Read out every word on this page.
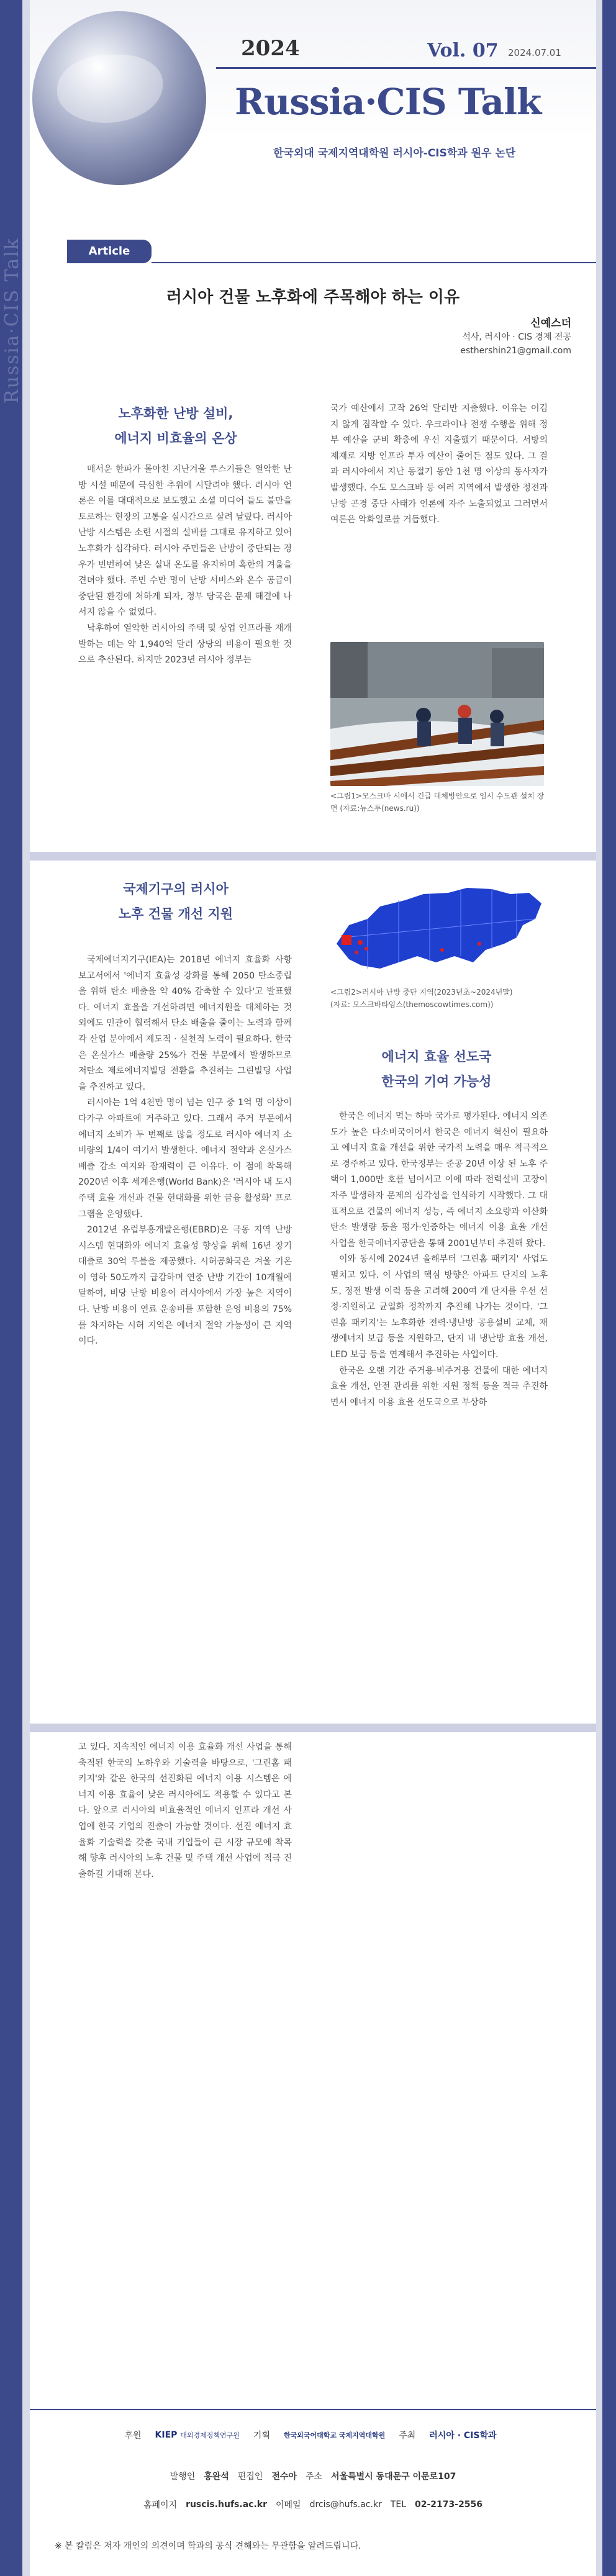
Russia·CIS Talk
2024	Vol. 07 2024.07.01
Russia·CIS Talk
한국외대 국제지역대학원 러시아-CIS학과 원우 논단
Article
러시아 건물 노후화에 주목해야 하는 이유
신예스더
석사, 러시아 · CIS 경제 전공
esthershin21@gmail.com
노후화한 난방 설비,
에너지 비효율의 온상

매서운 한파가 몰아친 지난겨울 루스기들은 열악한 난방 시설 때문에 극심한 추위에 시달려야 했다. 러시아 언론은 이를 대대적으로 보도했고 소셜 미디어 들도 불만을 토로하는 현장의 고통을 실시간으로 살려 날랐다. 러시아 난방 시스템은 소련 시절의 설비를 그대로 유지하고 있어 노후화가 심각하다. 러시아 주민들은 난방이 중단되는 경우가 빈번하여 낮은 실내 온도를 유지하며 혹한의 겨울을 견뎌야 했다. 주민 수만 명이 난방 서비스와 온수 공급이 중단된 환경에 처하게 되자, 정부 당국은 문제 해결에 나서지 않을 수 없었다.

낙후하여 열악한 러시아의 주택 및 상업 인프라를 재개발하는 데는 약 1,940억 달러 상당의 비용이 필요한 것으로 추산된다. 하지만 2023년 러시아 정부는

국가 예산에서 고작 26억 달러만 지출했다. 이유는 어김지 않게 짐작할 수 있다. 우크라이나 전쟁 수행을 위해 정부 예산을 군비 확충에 우선 지출했기 때문이다. 서방의 제재로 지방 인프라 투자 예산이 줄어든 점도 있다. 그 결과 러시아에서 지난 동절기 동안 1천 명 이상의 동사자가 발생했다. 수도 모스크바 등 여러 지역에서 발생한 정전과 난방 곤경 중단 사태가 언론에 자주 노출되었고 그러면서 여론은 악화일로를 거듭했다.

<그림1>모스크바 시에서 긴급 대체방안으로 임시 수도관 설치 장면 (자료:뉴스투(news.ru))
국제기구의 러시아
노후 건물 개선 지원

국제에너지기구(IEA)는 2018년 에너지 효율화 사항 보고서에서 '에너지 효율성 강화를 통해 2050 탄소중립을 위해 탄소 배출을 약 40% 감축할 수 있다'고 발표했다. 에너지 효율을 개선하려면 에너지원을 대체하는 것 외에도 민관이 협력해서 탄소 배출을 줄이는 노력과 함께 각 산업 분야에서 제도적 · 실천적 노력이 필요하다. 한국은 온실가스 배출량 25%가 건물 부문에서 발생하므로 저탄소 제로에너지빌딩 전환을 추진하는 그린빌딩 사업을 추진하고 있다.

러시아는 1억 4천만 명이 넘는 인구 중 1억 명 이상이 다가구 아파트에 거주하고 있다. 그래서 주거 부문에서 에너지 소비가 두 번째로 많을 정도로 러시아 에너지 소비량의 1/4이 여기서 발생한다. 에너지 절약과 온실가스 배출 감소 여지와 잠재력이 큰 이유다. 이 점에 착목해 2020년 이후 세계은행(World Bank)은 '러시아 내 도시 주택 효율 개선과 건물 현대화를 위한 금융 활성화' 프로그램을 운영했다.

2012년 유럽부흥개발은행(EBRD)은 극동 지역 난방 시스템 현대화와 에너지 효율성 향상을 위해 16년 장기대출로 30억 루블을 제공했다. 시허공화국은 겨울 기온이 영하 50도까지 급감하며 연중 난방 기간이 10개월에 달하여, 비당 난방 비용이 러시아에서 가장 높은 지역이다. 난방 비용이 연료 운송비를 포함한 운영 비용의 75%를 차지하는 시허 지역은 에너지 절약 가능성이 큰 지역이다.

<그림2>러시아 난방 중단 지역(2023년초~2024년말)
(자료: 모스크바타임스(themoscowtimes.com))
에너지 효율 선도국
한국의 기여 가능성

한국은 에너지 먹는 하마 국가로 평가된다. 에너지 의존도가 높은 다소비국이어서 한국은 에너지 혁신이 필요하고 에너지 효율 개선을 위한 국가적 노력을 매우 적극적으로 경주하고 있다. 한국정부는 준공 20년 이상 된 노후 주택이 1,000만 호를 넘어서고 이에 따라 전력설비 고장이 자주 발생하자 문제의 심각성을 인식하기 시작했다. 그 대표적으로 건물의 에너지 성능, 즉 에너지 소요량과 이산화탄소 발생량 등을 평가·인증하는 에너지 이용 효율 개선 사업을 한국에너지공단을 통해 2001년부터 추진해 왔다.

이와 동시에 2024년 올해부터 '그린홈 패키지' 사업도 펼치고 있다. 이 사업의 핵심 방향은 아파트 단지의 노후도, 정전 발생 이력 등을 고려해 200여 개 단지를 우선 선정·지원하고 균일화 정착까지 추진해 나가는 것이다. '그린홈 패키지'는 노후화한 전력·냉난방 공용설비 교체, 재생에너지 보급 등을 지원하고, 단지 내 냉난방 효율 개선, LED 보급 등을 연계해서 추진하는 사업이다.

한국은 오랜 기간 주거용·비주거용 건물에 대한 에너지 효율 개선, 안전 관리를 위한 지원 정책 등을 적극 추진하면서 에너지 이용 효율 선도국으로 부상하

고 있다. 지속적인 에너지 이용 효율화 개선 사업을 통해 축적된 한국의 노하우와 기술력을 바탕으로, '그린홈 패키지'와 같은 한국의 선진화된 에너지 이용 시스템은 에너지 이용 효율이 낮은 러시아에도 적용할 수 있다고 본다. 앞으로 러시아의 비효율적인 에너지 인프라 개선 사업에 한국 기업의 진출이 가능할 것이다. 선진 에너지 효율화 기술력을 갖춘 국내 기업들이 큰 시장 규모에 착목해 향후 러시아의 노후 건물 및 주택 개선 사업에 적극 진출하길 기대해 본다.

후원	KIEP 대외경제정책연구원	기획	한국외국어대학교 국제지역대학원	주최	러시아 · CIS학과
발행인 홍완석 편집인 전수아 주소 서울특별시 동대문구 이문로107
홈페이지 ruscis.hufs.ac.kr 이메일 drcis@hufs.ac.kr TEL 02-2173-2556
※ 본 칼럼은 저자 개인의 의견이며 학과의 공식 견해와는 무관함을 알려드립니다.
